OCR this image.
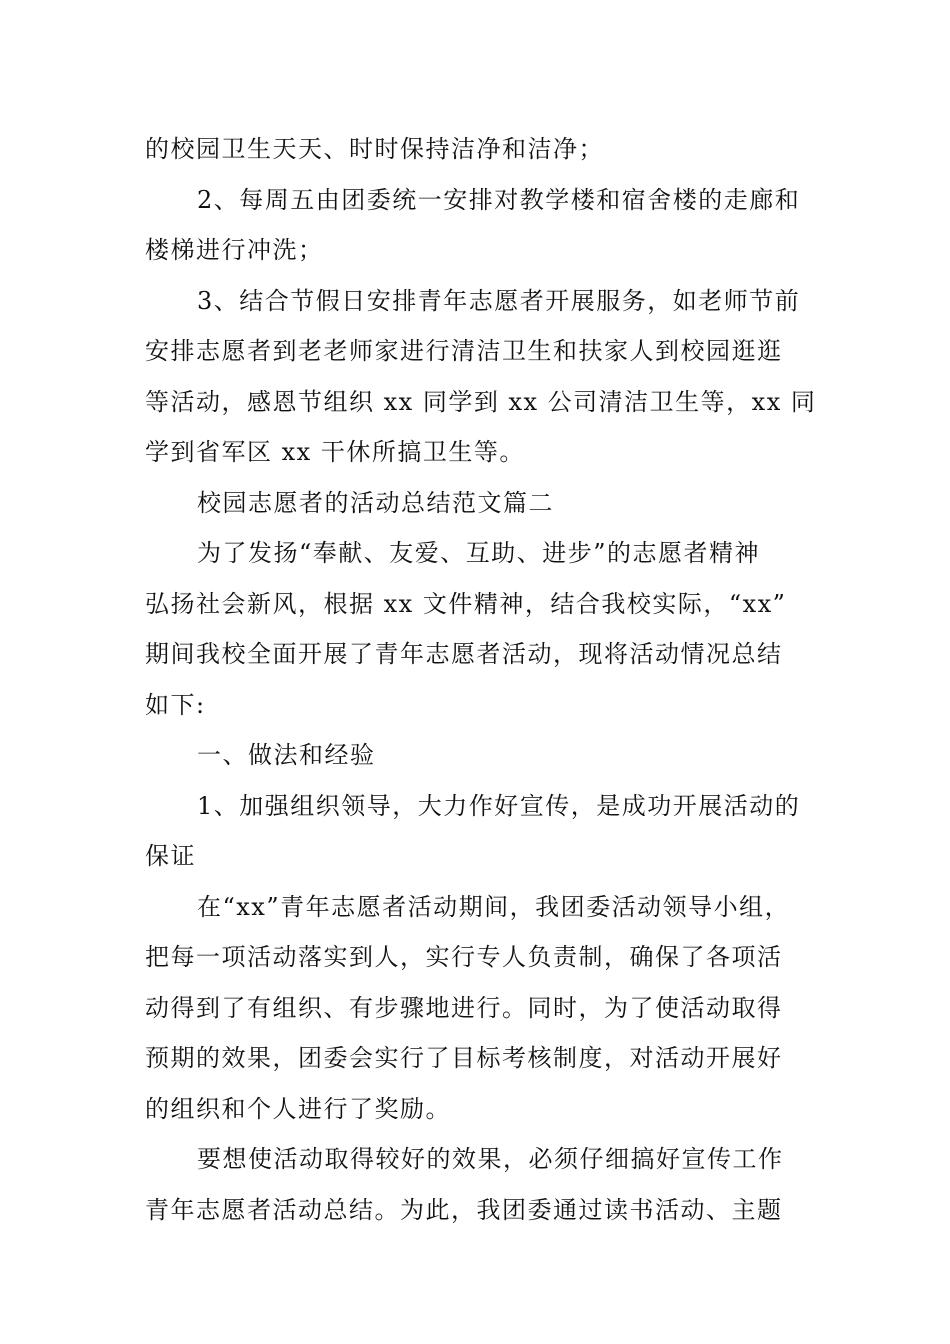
的校园卫生天天、时时保持洁净和洁净；
2、每周五由团委统一安排对教学楼和宿舍楼的走廊和
楼梯进行冲洗；
3、结合节假日安排青年志愿者开展服务，如老师节前
安排志愿者到老老师家进行清洁卫生和扶家人到校园逛逛
等活动，感恩节组织 xx 同学到 xx 公司清洁卫生等，xx 同
学到省军区 xx 干休所搞卫生等。
校园志愿者的活动总结范文篇二
为了发扬“奉献、友爱、互助、进步”的志愿者精神
弘扬社会新风，根据 xx 文件精神，结合我校实际，“xx”
期间我校全面开展了青年志愿者活动，现将活动情况总结
如下:
一、做法和经验
1、加强组织领导，大力作好宣传，是成功开展活动的
保证
在“xx”青年志愿者活动期间，我团委活动领导小组，
把每一项活动落实到人，实行专人负责制，确保了各项活
动得到了有组织、有步骤地进行。同时，为了使活动取得
预期的效果，团委会实行了目标考核制度，对活动开展好
的组织和个人进行了奖励。
要想使活动取得较好的效果，必须仔细搞好宣传工作
青年志愿者活动总结。为此，我团委通过读书活动、主题
